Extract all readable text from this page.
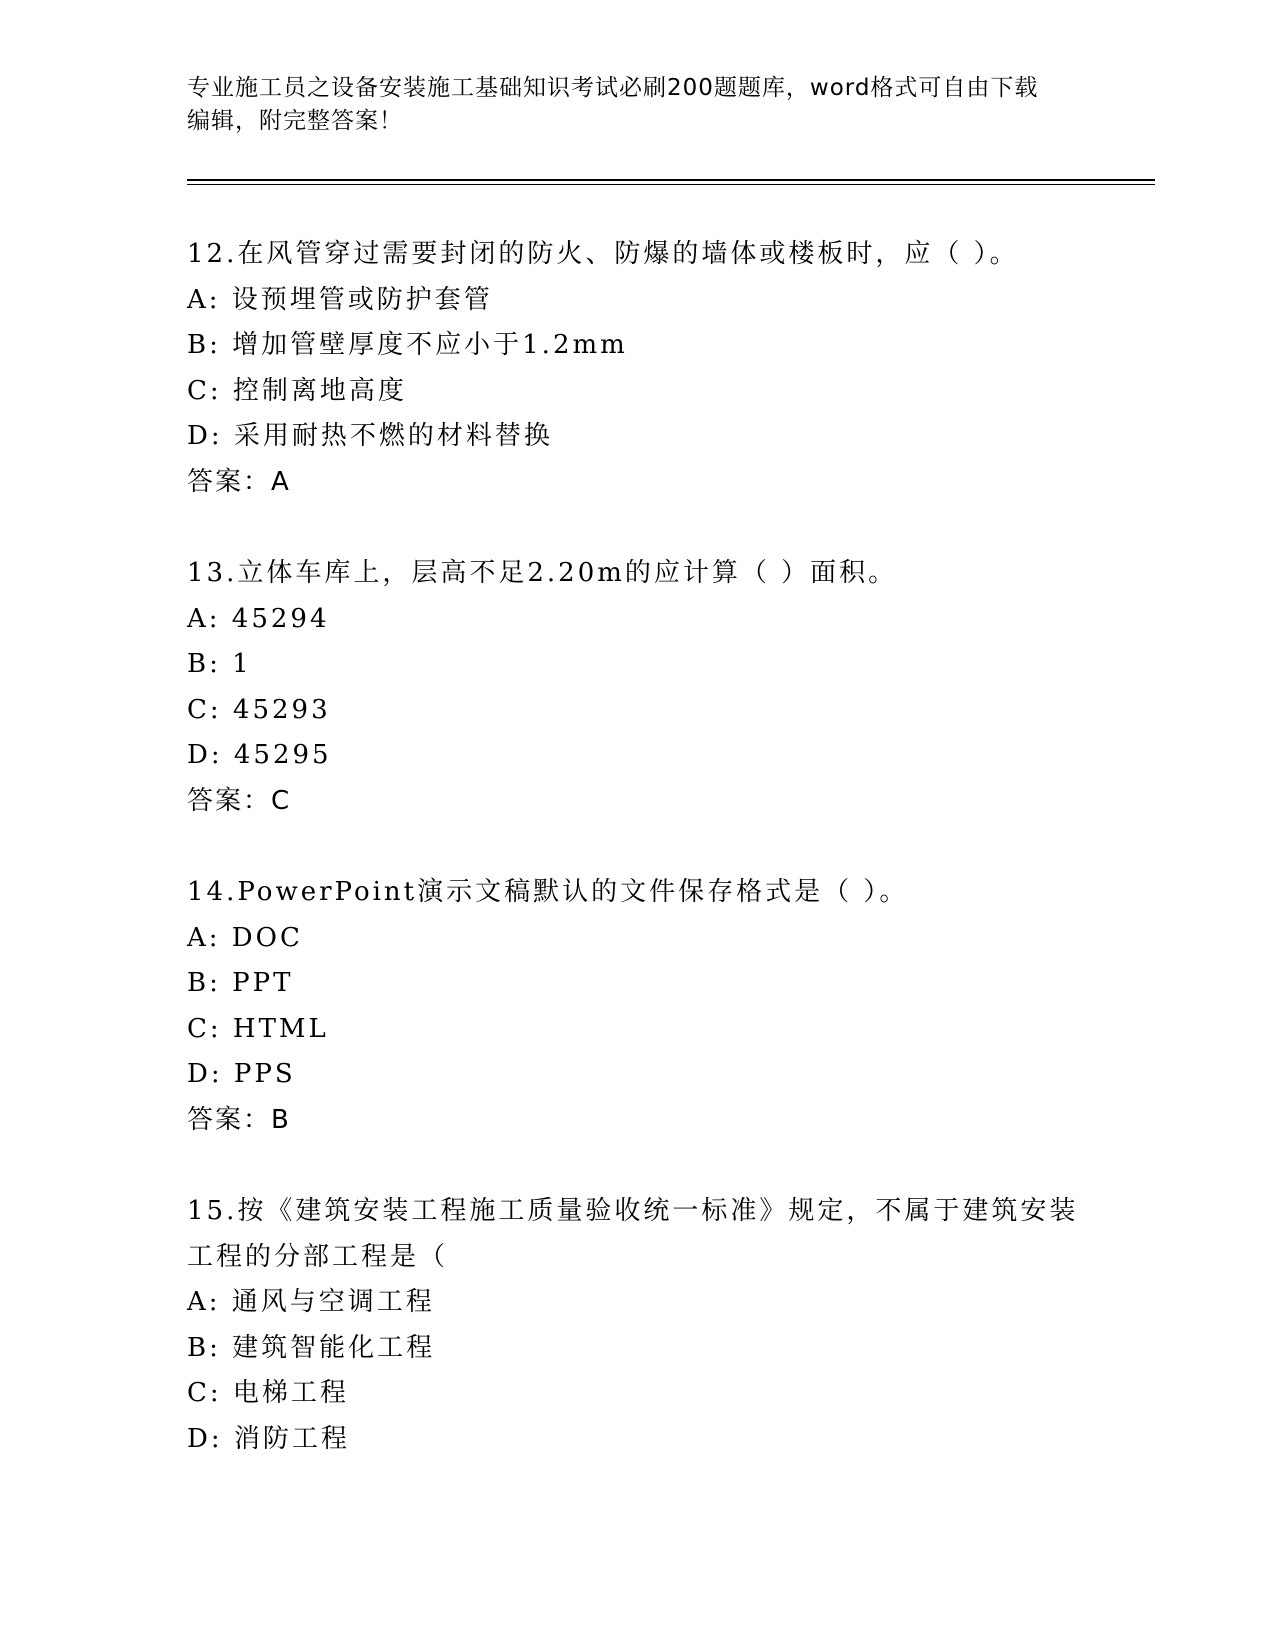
专业施工员之设备安装施工基础知识考试必刷200题题库，word格式可自由下载
编辑，附完整答案！
12.在风管穿过需要封闭的防火、防爆的墙体或楼板时，应（ ）。
A: 设预埋管或防护套管
B: 增加管壁厚度不应小于1.2mm
C: 控制离地高度
D: 采用耐热不燃的材料替换
答案：A
13.立体车库上，层高不足2.20m的应计算（ ）面积。
A: 45294
B: 1
C: 45293
D: 45295
答案：C
14.PowerPoint演示文稿默认的文件保存格式是（ ）。
A: DOC
B: PPT
C: HTML
D: PPS
答案：B
15.按《建筑安装工程施工质量验收统一标准》规定，不属于建筑安装
工程的分部工程是（
A: 通风与空调工程
B: 建筑智能化工程
C: 电梯工程
D: 消防工程
